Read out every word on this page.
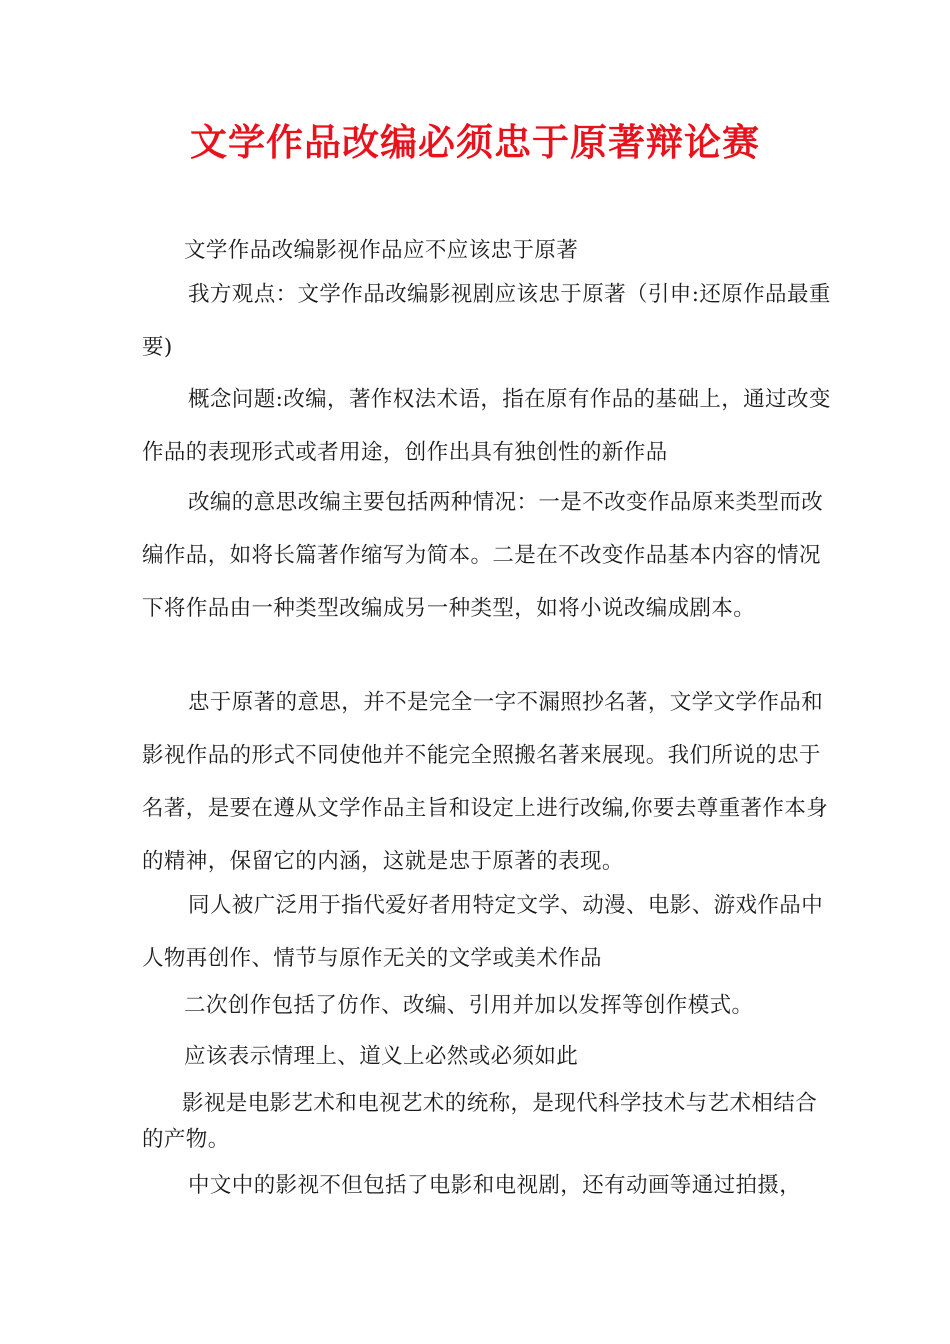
文学作品改编必须忠于原著辩论赛

文学作品改编影视作品应不应该忠于原著

我方观点：文学作品改编影视剧应该忠于原著（引申:还原作品最重要)

概念问题:改编，著作权法术语，指在原有作品的基础上，通过改变作品的表现形式或者用途，创作出具有独创性的新作品

改编的意思改编主要包括两种情况：一是不改变作品原来类型而改编作品，如将长篇著作缩写为简本。二是在不改变作品基本内容的情况下将作品由一种类型改编成另一种类型，如将小说改编成剧本。

忠于原著的意思，并不是完全一字不漏照抄名著，文学文学作品和影视作品的形式不同使他并不能完全照搬名著来展现。我们所说的忠于名著，是要在遵从文学作品主旨和设定上进行改编,你要去尊重著作本身的精神，保留它的内涵，这就是忠于原著的表现。

同人被广泛用于指代爱好者用特定文学、动漫、电影、游戏作品中人物再创作、情节与原作无关的文学或美术作品

二次创作包括了仿作、改编、引用并加以发挥等创作模式。

应该表示情理上、道义上必然或必须如此

影视是电影艺术和电视艺术的统称，是现代科学技术与艺术相结合的产物。

中文中的影视不但包括了电影和电视剧，还有动画等通过拍摄，
